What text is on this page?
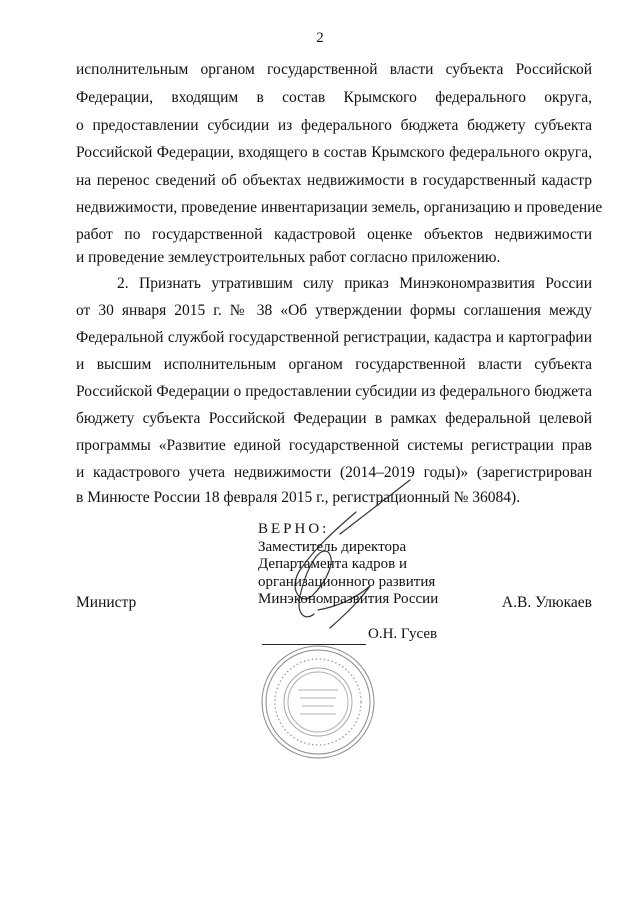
2
исполнительным органом государственной власти субъекта Российской
Федерации, входящим в состав Крымского федерального округа,
о предоставлении субсидии из федерального бюджета бюджету субъекта
Российской Федерации, входящего в состав Крымского федерального округа,
на перенос сведений об объектах недвижимости в государственный кадастр
недвижимости, проведение инвентаризации земель, организацию и проведение
работ по государственной кадастровой оценке объектов недвижимости
и проведение землеустроительных работ согласно приложению.
2. Признать утратившим силу приказ Минэкономразвития России
от 30 января 2015 г. № 38 «Об утверждении формы соглашения между
Федеральной службой государственной регистрации, кадастра и картографии
и высшим исполнительным органом государственной власти субъекта
Российской Федерации о предоставлении субсидии из федерального бюджета
бюджету субъекта Российской Федерации в рамках федеральной целевой
программы «Развитие единой государственной системы регистрации прав
и кадастрового учета недвижимости (2014–2019 годы)» (зарегистрирован
в Минюсте России 18 февраля 2015 г., регистрационный № 36084).
ВЕРНО:
Заместитель директора
Департамента кадров и
организационного развития
Минэкономразвития России
О.Н. Гусев
Министр	А.В. Улюкаев
